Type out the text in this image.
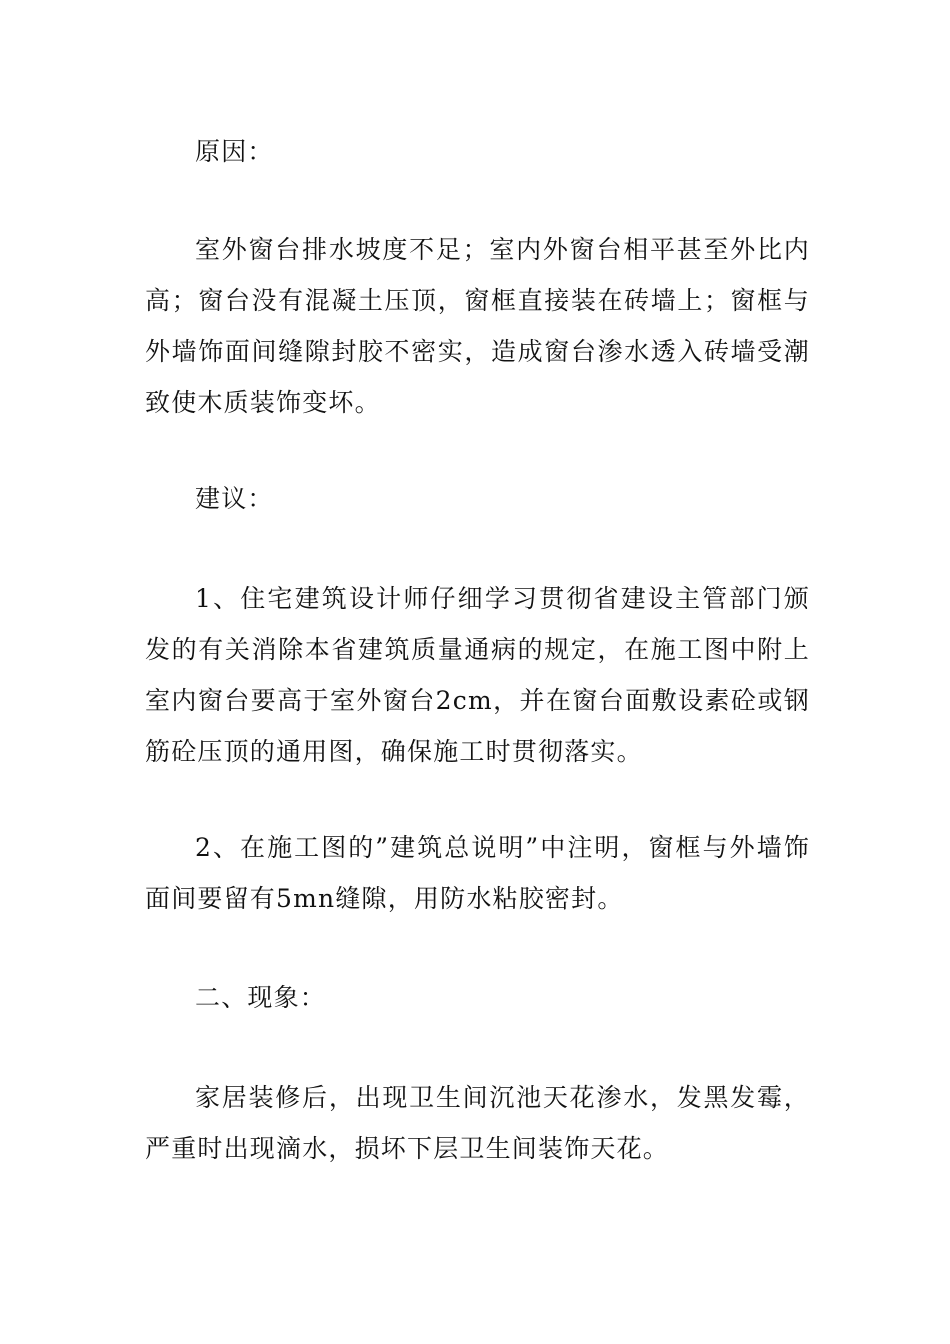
原因：

室外窗台排水坡度不足；室内外窗台相平甚至外比内高；窗台没有混凝土压顶，窗框直接装在砖墙上；窗框与外墙饰面间缝隙封胶不密实，造成窗台渗水透入砖墙受潮致使木质装饰变坏。

建议：

1、住宅建筑设计师仔细学习贯彻省建设主管部门颁发的有关消除本省建筑质量通病的规定，在施工图中附上室内窗台要高于室外窗台2cm，并在窗台面敷设素砼或钢筋砼压顶的通用图，确保施工时贯彻落实。

2、在施工图的”建筑总说明”中注明，窗框与外墙饰面间要留有5mn缝隙，用防水粘胶密封。

二、现象：

家居装修后，出现卫生间沉池天花渗水，发黑发霉，严重时出现滴水，损坏下层卫生间装饰天花。
